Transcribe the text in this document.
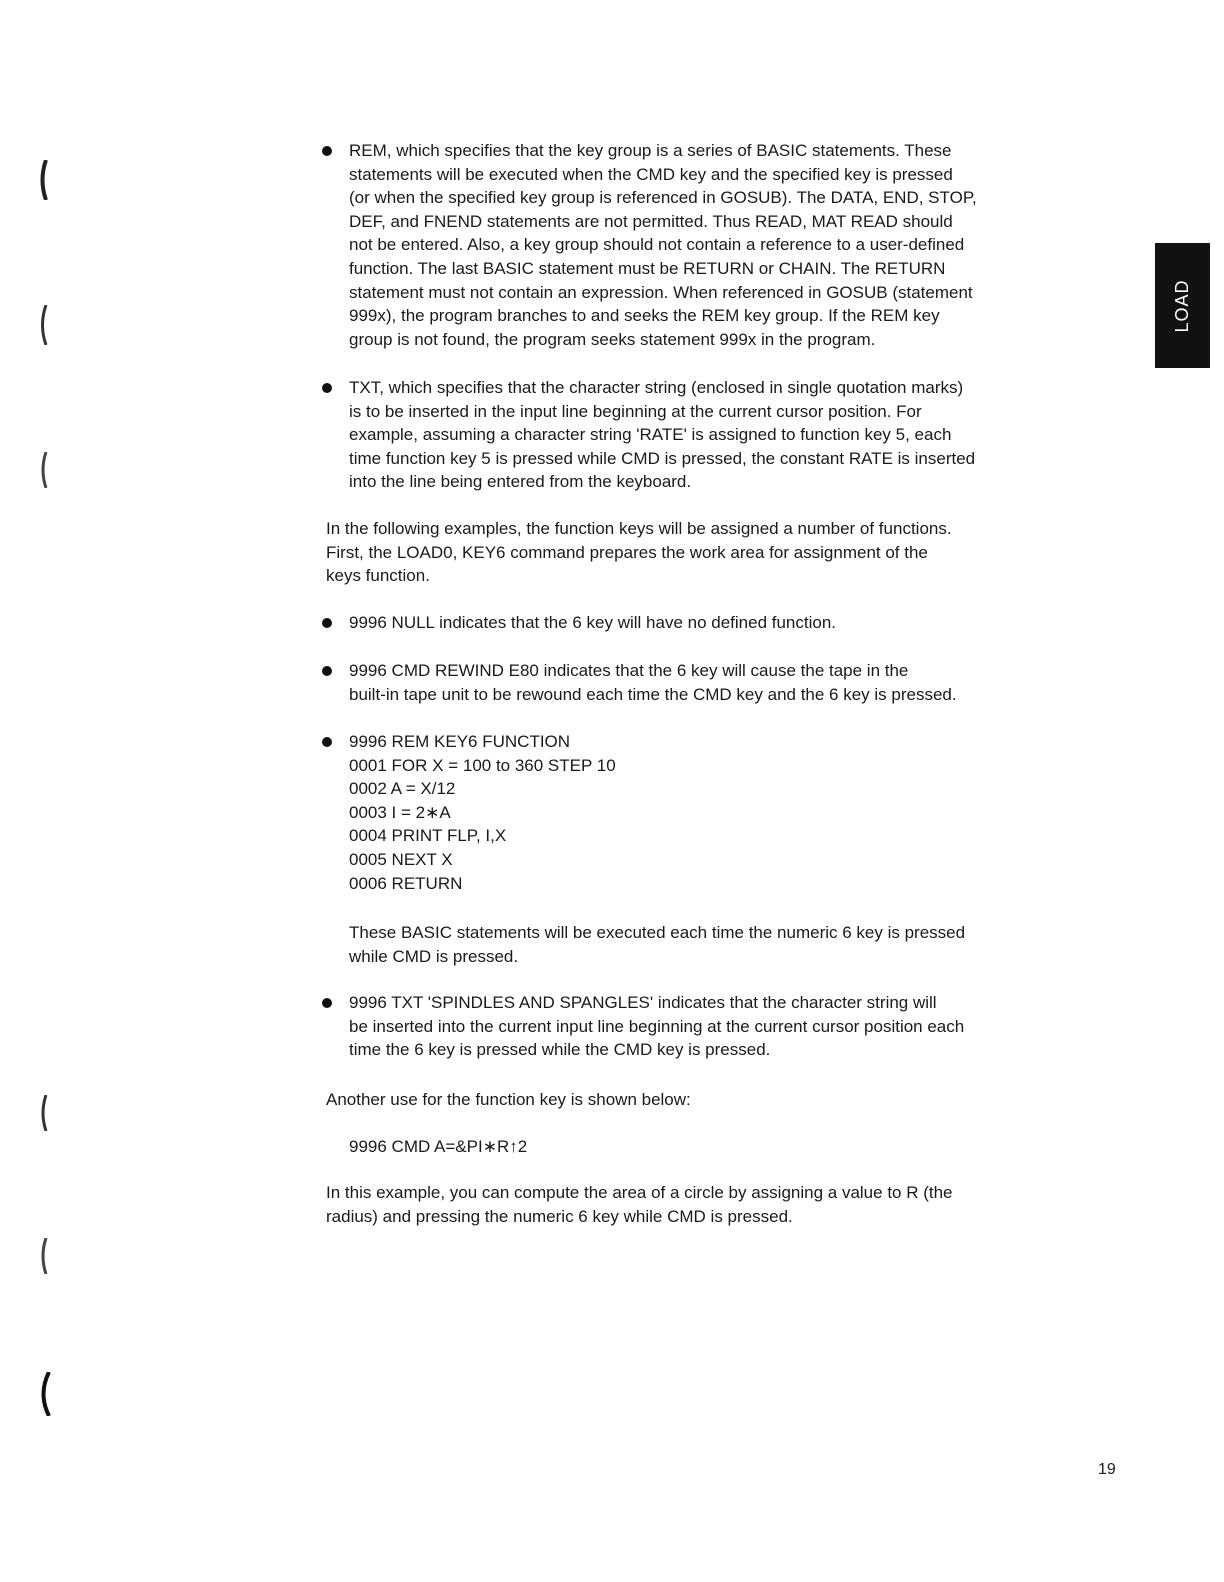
LOAD
REM, which specifies that the key group is a series of BASIC statements. These
statements will be executed when the CMD key and the specified key is pressed
(or when the specified key group is referenced in GOSUB). The DATA, END, STOP,
DEF, and FNEND statements are not permitted. Thus READ, MAT READ should
not be entered. Also, a key group should not contain a reference to a user-defined
function. The last BASIC statement must be RETURN or CHAIN. The RETURN
statement must not contain an expression. When referenced in GOSUB (statement
999x), the program branches to and seeks the REM key group. If the REM key
group is not found, the program seeks statement 999x in the program.
TXT, which specifies that the character string (enclosed in single quotation marks)
is to be inserted in the input line beginning at the current cursor position. For
example, assuming a character string 'RATE' is assigned to function key 5, each
time function key 5 is pressed while CMD is pressed, the constant RATE is inserted
into the line being entered from the keyboard.
In the following examples, the function keys will be assigned a number of functions.
First, the LOAD0, KEY6 command prepares the work area for assignment of the
keys function.
9996 NULL indicates that the 6 key will have no defined function.
9996 CMD REWIND E80 indicates that the 6 key will cause the tape in the
built-in tape unit to be rewound each time the CMD key and the 6 key is pressed.
9996 REM KEY6 FUNCTION
0001 FOR X = 100 to 360 STEP 10
0002 A = X/12
0003 I = 2∗A
0004 PRINT FLP, I,X
0005 NEXT X
0006 RETURN
These BASIC statements will be executed each time the numeric 6 key is pressed
while CMD is pressed.
9996 TXT 'SPINDLES AND SPANGLES' indicates that the character string will
be inserted into the current input line beginning at the current cursor position each
time the 6 key is pressed while the CMD key is pressed.
Another use for the function key is shown below:
9996 CMD A=&PI∗R↑2
In this example, you can compute the area of a circle by assigning a value to R (the
radius) and pressing the numeric 6 key while CMD is pressed.
19
